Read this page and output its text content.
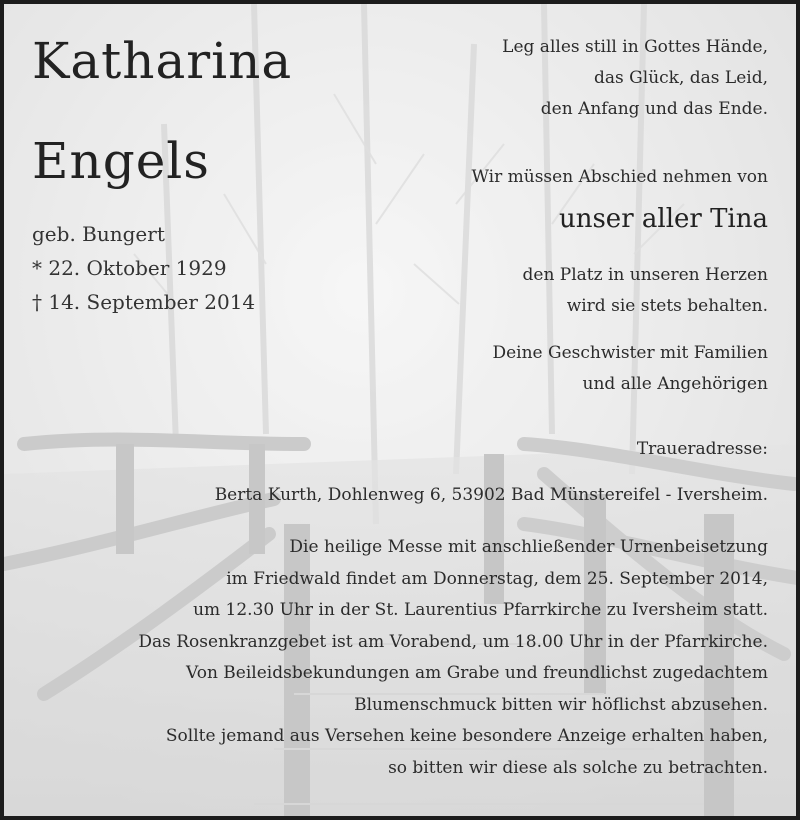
Katharina
Engels

geb. Bungert

* 22. Oktober 1929

† 14. September 2014

Leg alles still in Gottes Hände,
das Glück, das Leid,
den Anfang und das Ende.

Wir müssen Abschied nehmen von

unser aller Tina

den Platz in unseren Herzen
wird sie stets behalten.
Deine Geschwister mit Familien
und alle Angehörigen

Traueradresse:

Berta Kurth, Dohlenweg 6, 53902 Bad Münstereifel - Iversheim.

Die heilige Messe mit anschließender Urnenbeisetzung
im Friedwald findet am Donnerstag, dem 25. September 2014,
um 12.30 Uhr in der St. Laurentius Pfarrkirche zu Iversheim statt.
Das Rosenkranzgebet ist am Vorabend, um 18.00 Uhr in der Pfarrkirche.
Von Beileidsbekundungen am Grabe und freundlichst zugedachtem
Blumenschmuck bitten wir höflichst abzusehen.
Sollte jemand aus Versehen keine besondere Anzeige erhalten haben,
so bitten wir diese als solche zu betrachten.
